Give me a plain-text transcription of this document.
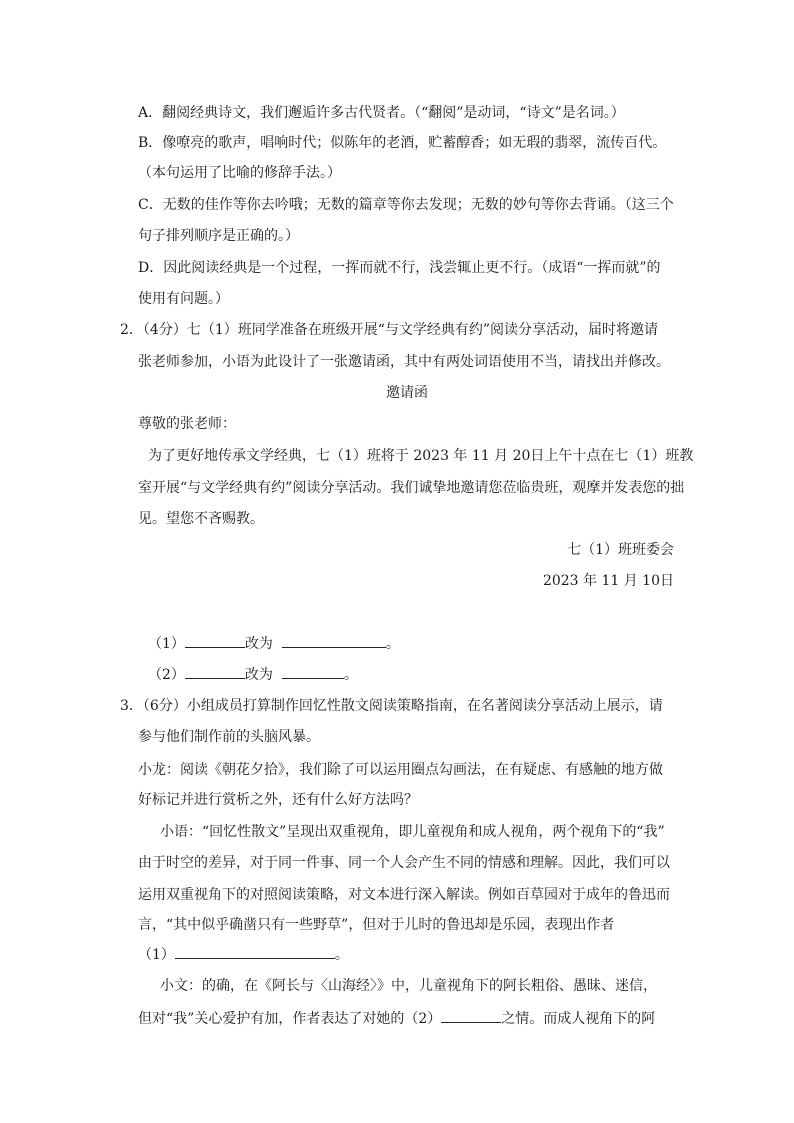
A．翻阅经典诗文，我们邂逅许多古代贤者。（“翻阅”是动词，“诗文”是名词。）
B．像嘹亮的歌声，唱响时代；似陈年的老酒，贮蓄醇香；如无瑕的翡翠，流传百代。
（本句运用了比喻的修辞手法。）
C．无数的佳作等你去吟哦；无数的篇章等你去发现；无数的妙句等你去背诵。（这三个
句子排列顺序是正确的。）
D．因此阅读经典是一个过程，一挥而就不行，浅尝辄止更不行。（成语“一挥而就”的
使用有问题。）
2．（4分）七（1）班同学准备在班级开展“与文学经典有约”阅读分享活动，届时将邀请
张老师参加，小语为此设计了一张邀请函，其中有两处词语使用不当，请找出并修改。
邀请函
尊敬的张老师：
为了更好地传承文学经典，七（1）班将于 2023 年 11 月 20日上午十点在七（1）班教
室开展“与文学经典有约”阅读分享活动。我们诚挚地邀请您莅临贵班，观摩并发表您的拙
见。望您不吝赐教。
七（1）班班委会
2023 年 11 月 10日
（1）	改为	。
（2）	改为	。
3．（6分）小组成员打算制作回忆性散文阅读策略指南，在名著阅读分享活动上展示，请
参与他们制作前的头脑风暴。
小龙：阅读《朝花夕拾》，我们除了可以运用圈点勾画法，在有疑虑、有感触的地方做
好标记并进行赏析之外，还有什么好方法吗？
小语：“回忆性散文”呈现出双重视角，即儿童视角和成人视角，两个视角下的“我”
由于时空的差异，对于同一件事、同一个人会产生不同的情感和理解。因此，我们可以
运用双重视角下的对照阅读策略，对文本进行深入解读。例如百草园对于成年的鲁迅而
言，“其中似乎确凿只有一些野草”，但对于儿时的鲁迅却是乐园，表现出作者
（1）	。
小文：的确，在《阿长与〈山海经〉》中，儿童视角下的阿长粗俗、愚昧、迷信，
但对“我”关心爱护有加，作者表达了对她的（2）	之情。而成人视角下的阿
